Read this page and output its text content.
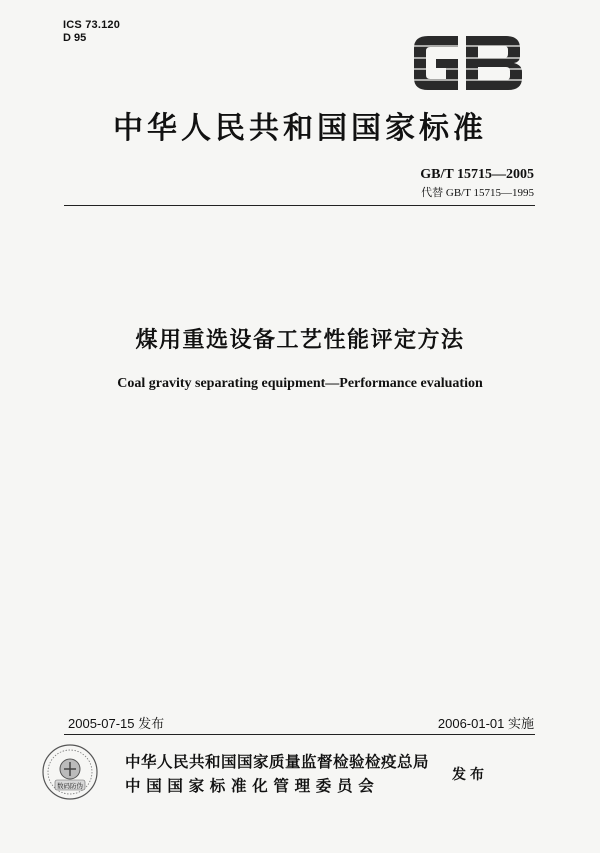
ICS 73.120
D 95
中华人民共和国国家标准
GB/T 15715—2005
代替 GB/T 15715—1995
煤用重选设备工艺性能评定方法
Coal gravity separating equipment—Performance evaluation
2005-07-15 发布	2006-01-01 实施
数码防伪
中华人民共和国国家质量监督检验检疫总局
中国国家标准化管理委员会
发布
